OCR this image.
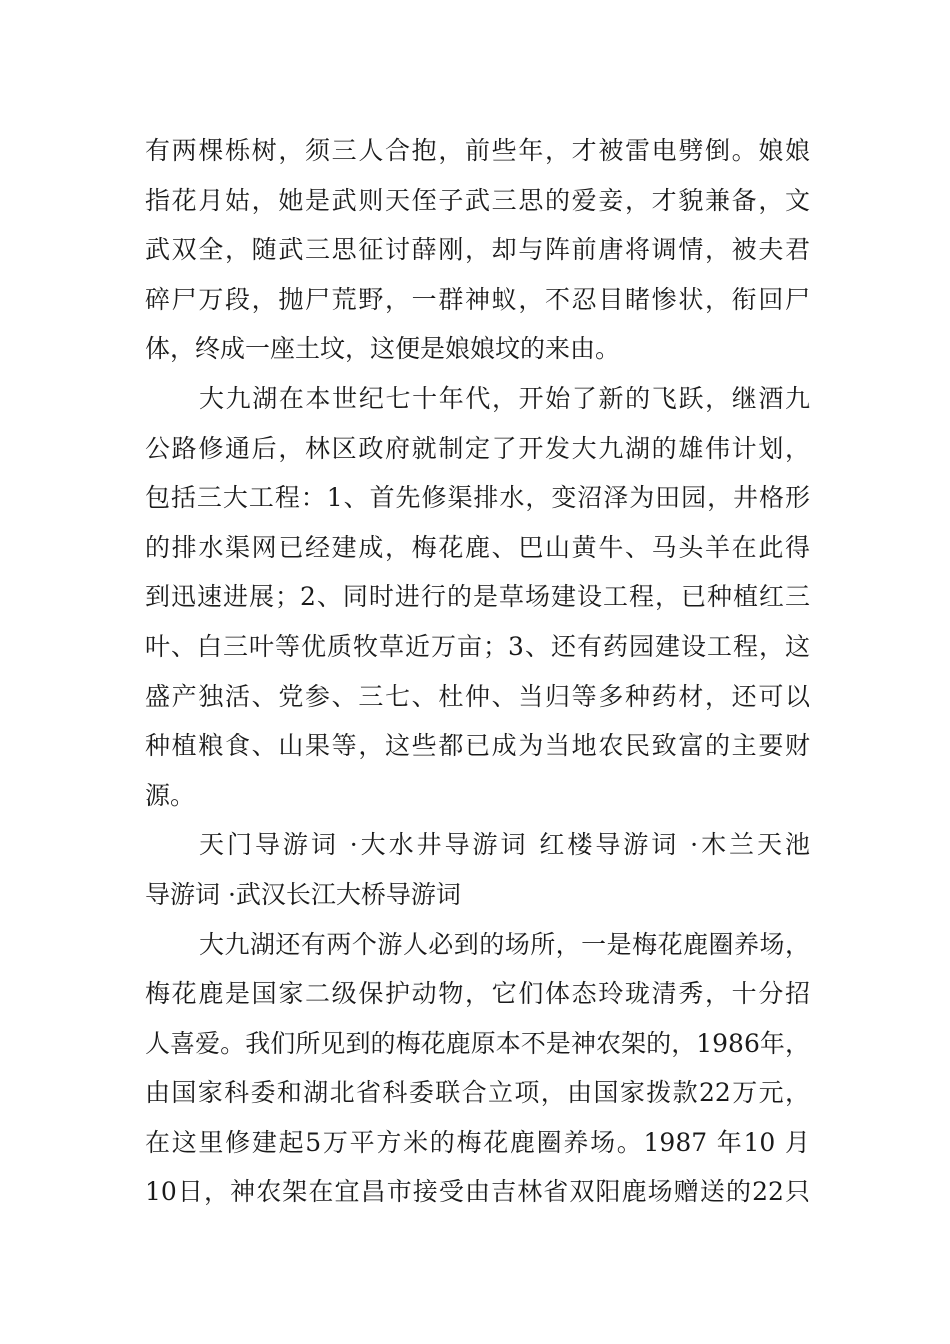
有两棵栎树，须三人合抱，前些年，才被雷电劈倒。娘娘
指花月姑，她是武则天侄子武三思的爱妾，才貌兼备，文
武双全，随武三思征讨薛刚，却与阵前唐将调情，被夫君
碎尸万段，抛尸荒野，一群神蚁，不忍目睹惨状，衔回尸
体，终成一座土坟，这便是娘娘坟的来由。
大九湖在本世纪七十年代，开始了新的飞跃，继酒九
公路修通后，林区政府就制定了开发大九湖的雄伟计划，
包括三大工程：1、首先修渠排水，变沼泽为田园，井格形
的排水渠网已经建成，梅花鹿、巴山黄牛、马头羊在此得
到迅速进展；2、同时进行的是草场建设工程，已种植红三
叶、白三叶等优质牧草近万亩；3、还有药园建设工程，这
盛产独活、党参、三七、杜仲、当归等多种药材，还可以
种植粮食、山果等，这些都已成为当地农民致富的主要财
源。
天门导游词 ·大水井导游词 红楼导游词 ·木兰天池
导游词 ·武汉长江大桥导游词
大九湖还有两个游人必到的场所，一是梅花鹿圈养场，
梅花鹿是国家二级保护动物，它们体态玲珑清秀，十分招
人喜爱。我们所见到的梅花鹿原本不是神农架的，1986年，
由国家科委和湖北省科委联合立项，由国家拨款22万元，
在这里修建起5万平方米的梅花鹿圈养场。1987 年10 月
10日，神农架在宜昌市接受由吉林省双阳鹿场赠送的22只
